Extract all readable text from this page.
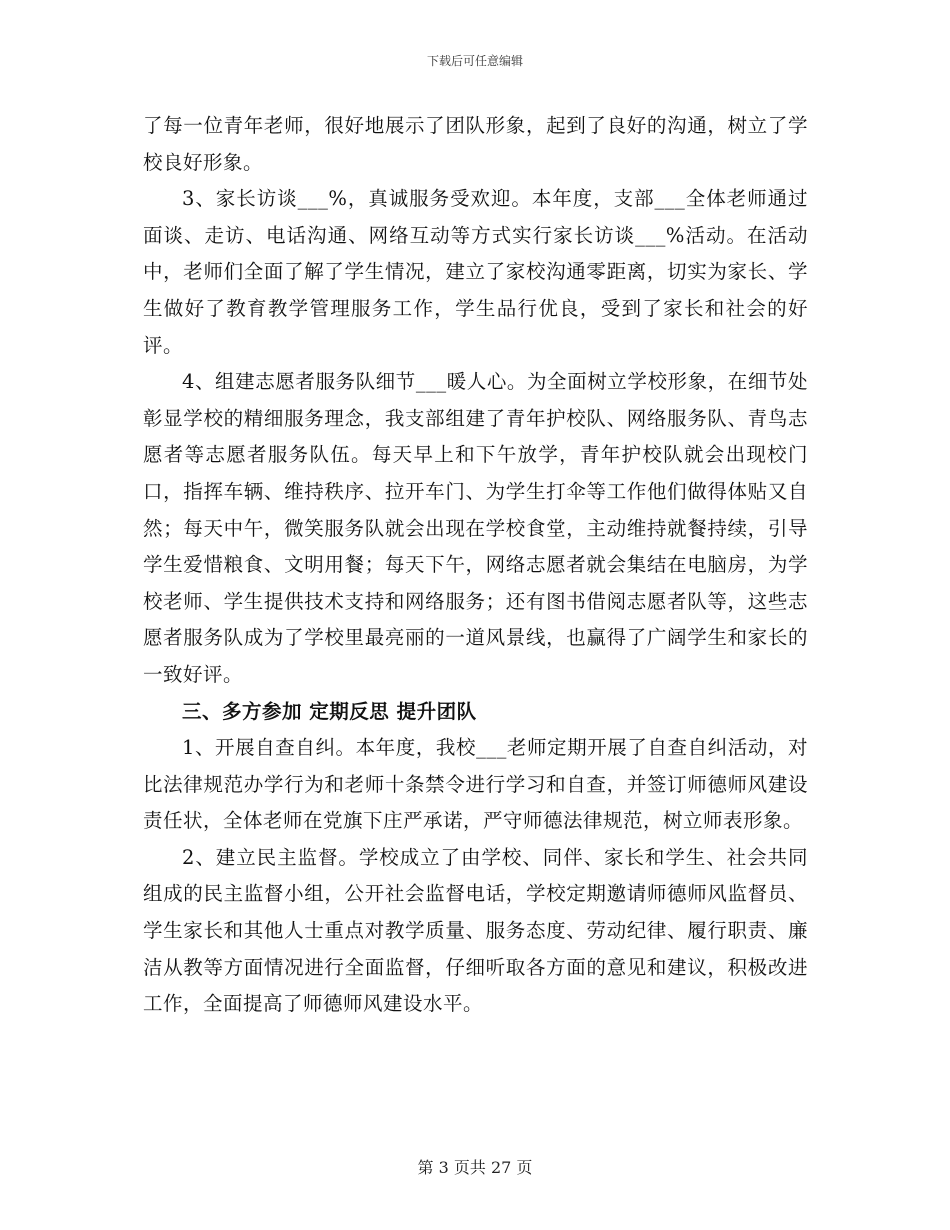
下载后可任意编辑

了每一位青年老师，很好地展示了团队形象，起到了良好的沟通，树立了学校良好形象。

3、家长访谈___%，真诚服务受欢迎。本年度，支部___全体老师通过面谈、走访、电话沟通、网络互动等方式实行家长访谈___%活动。在活动中，老师们全面了解了学生情况，建立了家校沟通零距离，切实为家长、学生做好了教育教学管理服务工作，学生品行优良，受到了家长和社会的好评。

4、组建志愿者服务队细节___暖人心。为全面树立学校形象，在细节处彰显学校的精细服务理念，我支部组建了青年护校队、网络服务队、青鸟志愿者等志愿者服务队伍。每天早上和下午放学，青年护校队就会出现校门口，指挥车辆、维持秩序、拉开车门、为学生打伞等工作他们做得体贴又自然；每天中午，微笑服务队就会出现在学校食堂，主动维持就餐持续，引导学生爱惜粮食、文明用餐；每天下午，网络志愿者就会集结在电脑房，为学校老师、学生提供技术支持和网络服务；还有图书借阅志愿者队等，这些志愿者服务队成为了学校里最亮丽的一道风景线，也赢得了广阔学生和家长的一致好评。

三、多方参加 定期反思 提升团队

1、开展自查自纠。本年度，我校___老师定期开展了自查自纠活动，对比法律规范办学行为和老师十条禁令进行学习和自查，并签订师德师风建设责任状，全体老师在党旗下庄严承诺，严守师德法律规范，树立师表形象。

2、建立民主监督。学校成立了由学校、同伴、家长和学生、社会共同组成的民主监督小组，公开社会监督电话，学校定期邀请师德师风监督员、学生家长和其他人士重点对教学质量、服务态度、劳动纪律、履行职责、廉洁从教等方面情况进行全面监督，仔细听取各方面的意见和建议，积极改进工作，全面提高了师德师风建设水平。

第 3 页共 27 页
